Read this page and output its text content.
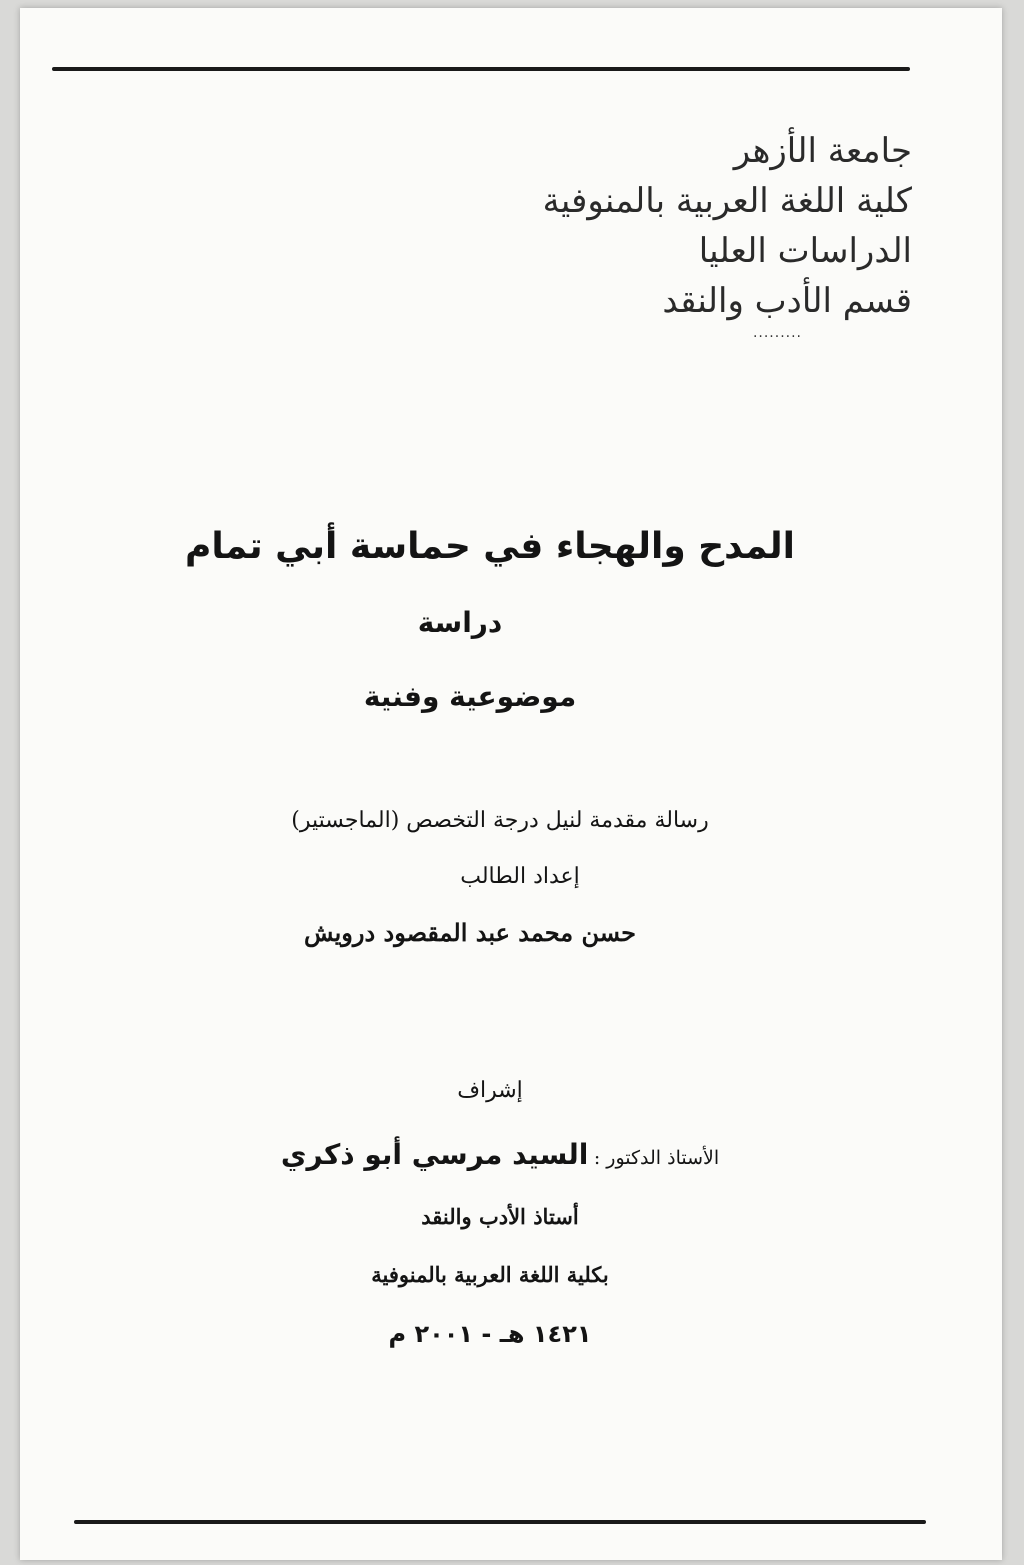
جامعة الأزهر
كلية اللغة العربية بالمنوفية
الدراسات العليا
قسم الأدب والنقد
.........
المدح والهجاء في حماسة أبي تمام
دراسة
موضوعية وفنية
رسالة مقدمة لنيل درجة التخصص (الماجستير)
إعداد الطالب
حسن محمد عبد المقصود درويش
إشراف
الأستاذ الدكتور : السيد مرسي أبو ذكري
أستاذ الأدب والنقد
بكلية اللغة العربية بالمنوفية
١٤٢١ هـ - ٢٠٠١ م
